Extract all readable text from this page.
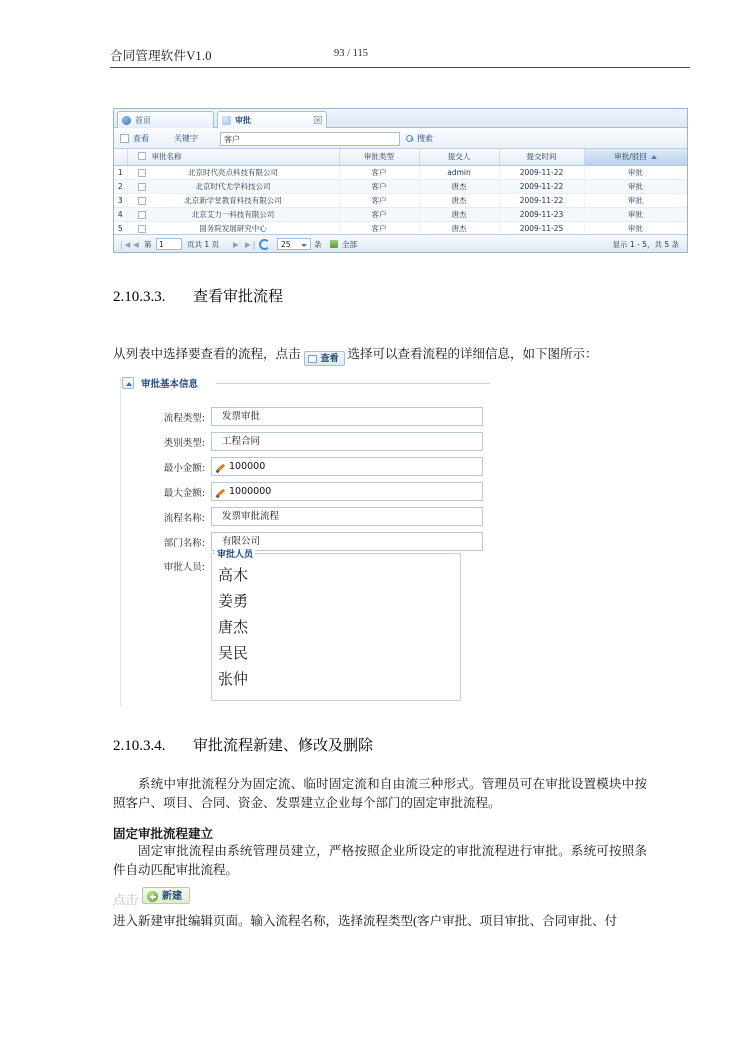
合同管理软件V1.0	93 / 115
首页	审批	×
查看	关键字	客户	搜索

审批名称	审批类型	提交人	提交时间	审批/驳回
1	北京时代亮点科技有限公司	客户	admin	2009-11-22	审批
2	北京时代尤学科技公司	客户	唐杰	2009-11-22	审批
3	北京新学堂教育科技有限公司	客户	唐杰	2009-11-22	审批
4	北京艾力一科技有限公司	客户	唐杰	2009-11-23	审批
5	国务院发展研究中心	客户	唐杰	2009-11-25	审批
|◀ ◀ 第	1	页共 1 页 ▶ ▶|	25	条	全部	显示 1 - 5，共 5 条
2.10.3.3. 查看审批流程

从列表中选择要查看的流程，点击 查看 选择可以查看流程的详细信息，如下图所示：

审批基本信息
流程类型:	发票审批
类别类型:	工程合同
最小金额:	100000
最大金额:	1000000
流程名称:	发票审批流程
部门名称:	有限公司
审批人员:
审批人员
高木
姜勇
唐杰
吴民
张仲
2.10.3.4. 审批流程新建、修改及删除

系统中审批流程分为固定流、临时固定流和自由流三种形式。管理员可在审批设置模块中按照客户、项目、合同、资金、发票建立企业每个部门的固定审批流程。

固定审批流程建立

固定审批流程由系统管理员建立，严格按照企业所设定的审批流程进行审批。系统可按照条件自动匹配审批流程。

点击	新建

进入新建审批编辑页面。输入流程名称，选择流程类型(客户审批、项目审批、合同审批、付
